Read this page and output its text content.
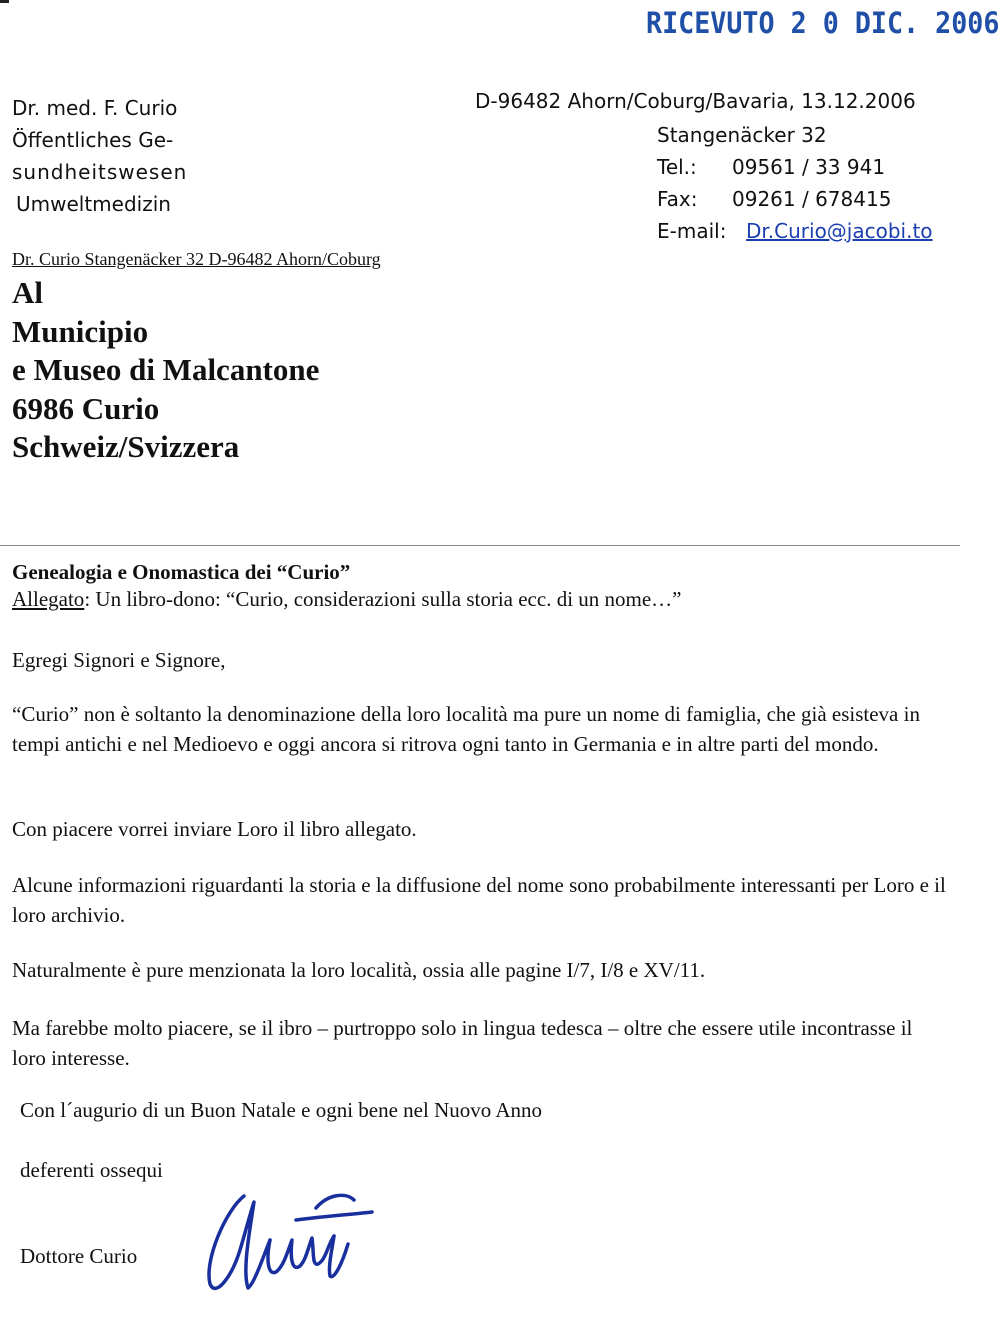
RICEVUTO 2 0 DIC. 2006
Dr. med. F. Curio
Öffentliches Ge-
sundheitswesen
Umweltmedizin
D-96482 Ahorn/Coburg/Bavaria, 13.12.2006
Stangenäcker 32
Tel.: 09561 / 33 941
Fax: 09261 / 678415
E-mail: Dr.Curio@jacobi.to
Dr. Curio Stangenäcker 32 D-96482 Ahorn/Coburg
Al
Municipio
e Museo di Malcantone
6986 Curio
Schweiz/Svizzera
Genealogia e Onomastica dei “Curio”
Allegato: Un libro-dono: “Curio, considerazioni sulla storia ecc. di un nome…”
Egregi Signori e Signore,
“Curio” non è soltanto la denominazione della loro località ma pure un nome di famiglia, che già esisteva in tempi antichi e nel Medioevo e oggi ancora si ritrova ogni tanto in Germania e in altre parti del mondo.
Con piacere vorrei inviare Loro il libro allegato.
Alcune informazioni riguardanti la storia e la diffusione del nome sono probabilmente interessanti per Loro e il loro archivio.
Naturalmente è pure menzionata la loro località, ossia alle pagine I/7, I/8 e XV/11.
Ma farebbe molto piacere, se il ibro – purtroppo solo in lingua tedesca – oltre che essere utile incontrasse il loro interesse.
Con l´augurio di un Buon Natale e ogni bene nel Nuovo Anno
deferenti ossequi
Dottore Curio
